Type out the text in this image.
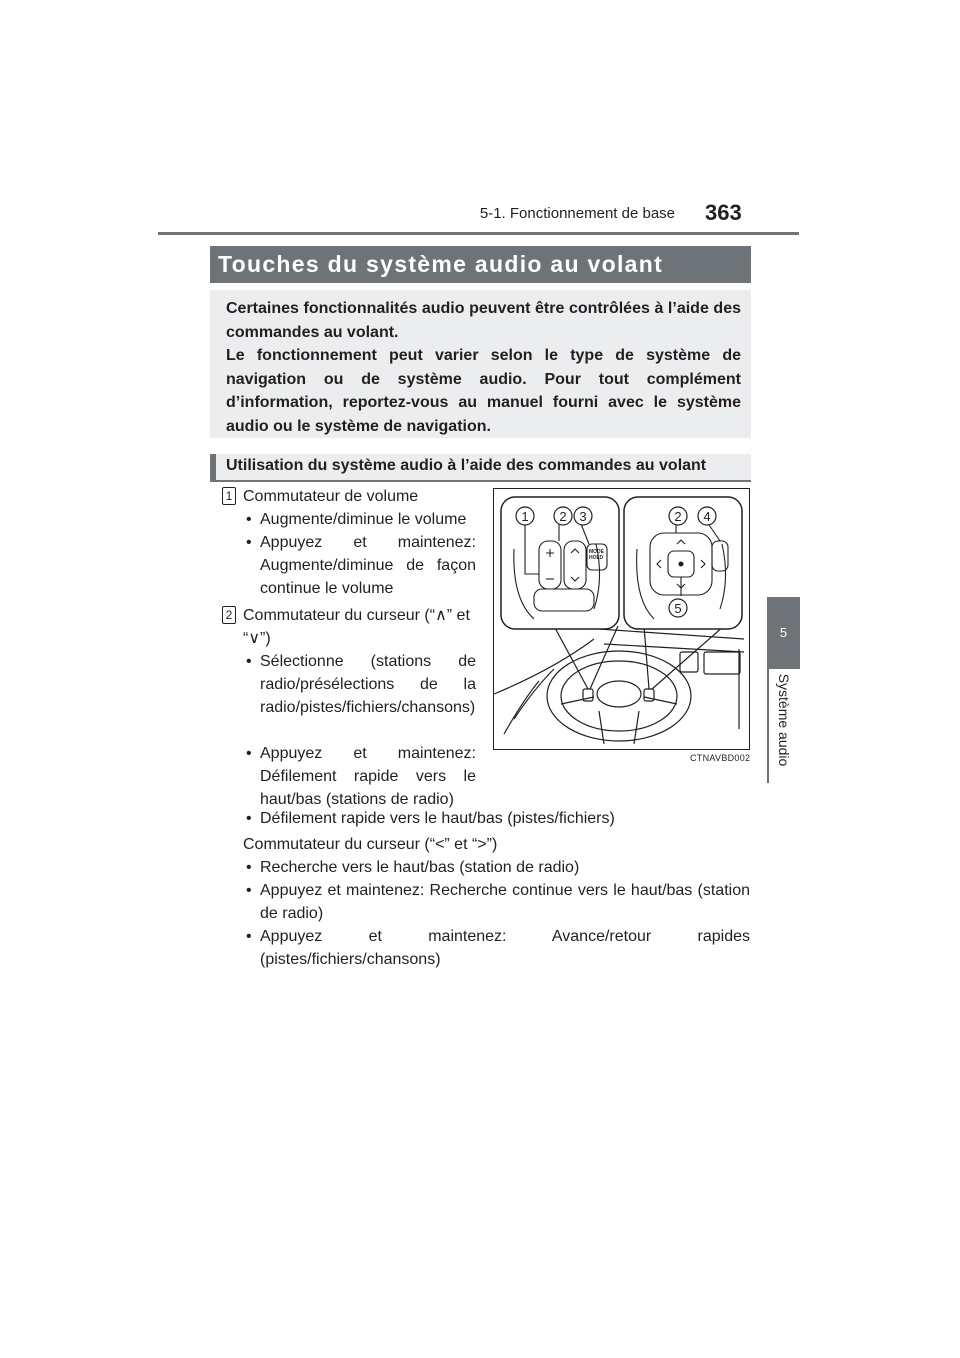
5-1. Fonctionnement de base 363
5
Système audio
Touches du système audio au volant

Certaines fonctionnalités audio peuvent être contrôlées à l’aide des commandes au volant.

Le fonctionnement peut varier selon le type de système de navigation ou de système audio. Pour tout complément d’information, reportez-vous au manuel fourni avec le système audio ou le système de navigation.

Utilisation du système audio à l’aide des commandes au volant
1 Commutateur de volume
• Augmente/diminue le volume
• Appuyez et maintenez: Augmente/diminue de façon continue le volume
2 Commutateur du curseur (“∧” et
“∨”)
• Sélectionne (stations de radio/présélections de la radio/pistes/fichiers/chansons)
• Appuyez et maintenez: Défilement rapide vers le haut/bas (stations de radio)
• Défilement rapide vers le haut/bas (pistes/fichiers)
Commutateur du curseur (“<” et “>”)
• Recherche vers le haut/bas (station de radio)
• Appuyez et maintenez: Recherche continue vers le haut/bas (station de radio)
• Appuyez et maintenez: Avance/retour rapides (pistes/fichiers/chansons)
1 2 3	2 4
5
MODE
HOLD
CTNAVBD002
